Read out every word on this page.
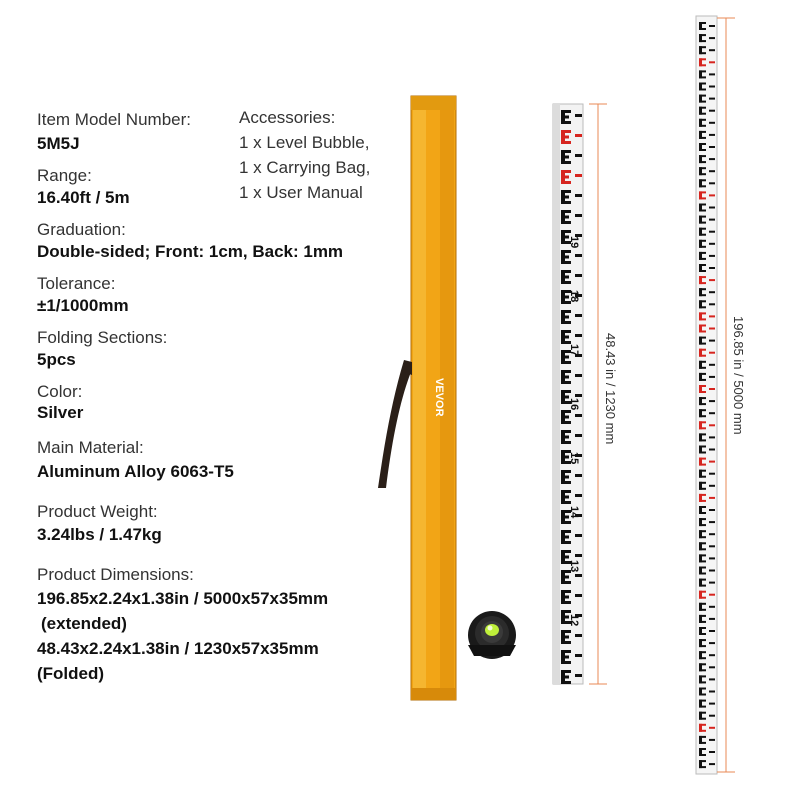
Item Model Number:
5M5J
Range:
16.40ft / 5m
Graduation:
Double-sided; Front: 1cm, Back: 1mm
Tolerance:
±1/1000mm
Folding Sections:
5pcs
Color:
Silver
Main Material:
Aluminum Alloy 6063-T5
Product Weight:
3.24lbs / 1.47kg
Product Dimensions:
196.85x2.24x1.38in / 5000x57x35mm
(extended)
48.43x2.24x1.38in / 1230x57x35mm
(Folded)
Accessories:
1 x Level Bubble,
1 x Carrying Bag,
1 x User Manual
VEVOR
19
18
17
16
15
14
13
12
48.43 in / 1230 mm	196.85 in / 5000 mm
